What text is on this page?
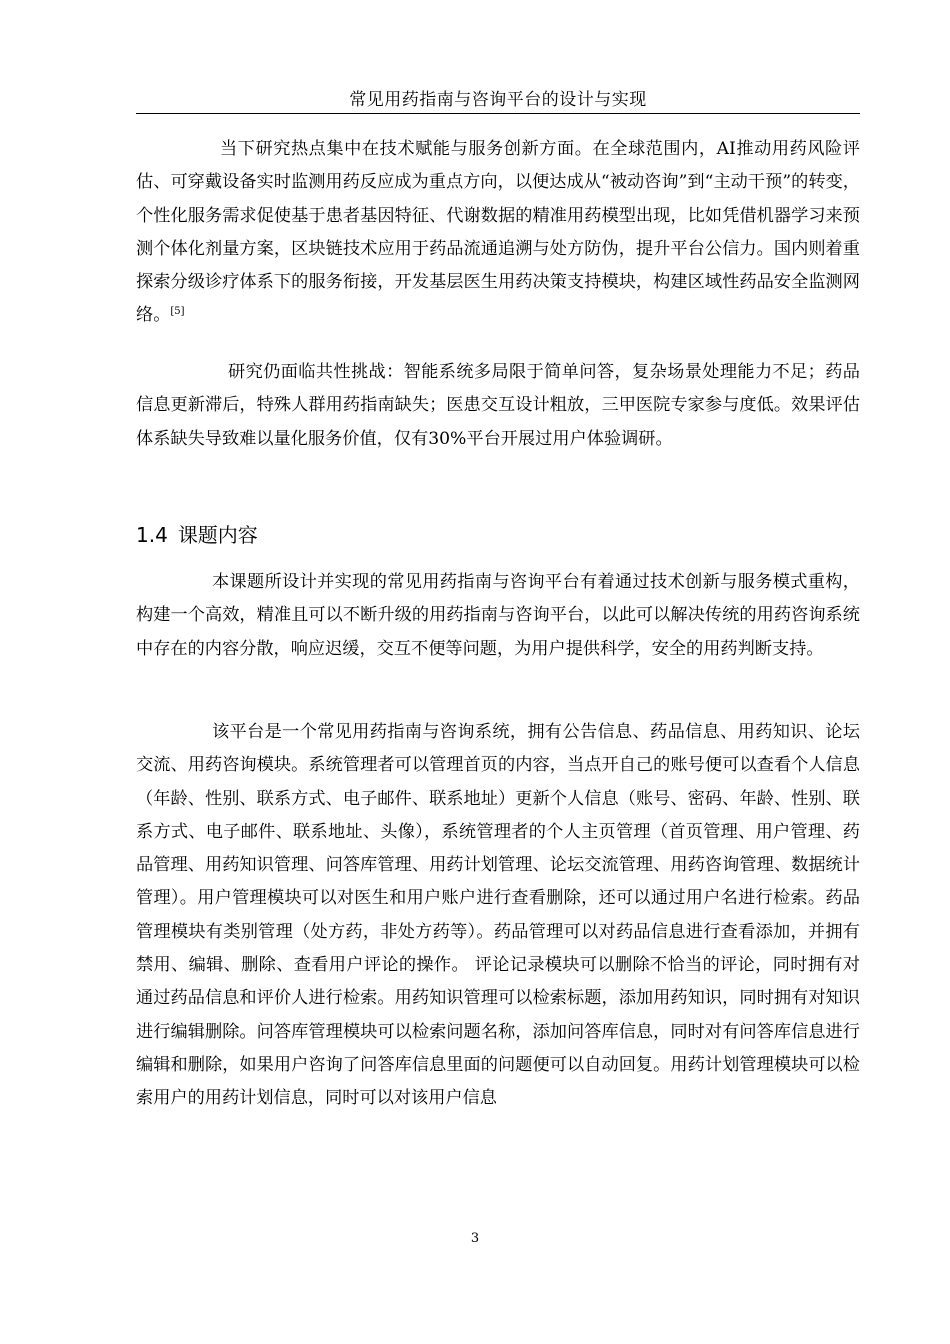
常见用药指南与咨询平台的设计与实现

当下研究热点集中在技术赋能与服务创新方面。在全球范围内，AI推动用药风险评估、可穿戴设备实时监测用药反应成为重点方向，以便达成从“被动咨询”到“主动干预”的转变，个性化服务需求促使基于患者基因特征、代谢数据的精准用药模型出现，比如凭借机器学习来预测个体化剂量方案，区块链技术应用于药品流通追溯与处方防伪，提升平台公信力。国内则着重探索分级诊疗体系下的服务衔接，开发基层医生用药决策支持模块，构建区域性药品安全监测网络。[5]

研究仍面临共性挑战：智能系统多局限于简单问答，复杂场景处理能力不足；药品信息更新滞后，特殊人群用药指南缺失；医患交互设计粗放，三甲医院专家参与度低。效果评估体系缺失导致难以量化服务价值，仅有30%平台开展过用户体验调研。

1.4 课题内容

本课题所设计并实现的常见用药指南与咨询平台有着通过技术创新与服务模式重构，构建一个高效，精准且可以不断升级的用药指南与咨询平台，以此可以解决传统的用药咨询系统中存在的内容分散，响应迟缓，交互不便等问题，为用户提供科学，安全的用药判断支持。

该平台是一个常见用药指南与咨询系统，拥有公告信息、药品信息、用药知识、论坛交流、用药咨询模块。系统管理者可以管理首页的内容，当点开自己的账号便可以查看个人信息（年龄、性别、联系方式、电子邮件、联系地址）更新个人信息（账号、密码、年龄、性别、联系方式、电子邮件、联系地址、头像），系统管理者的个人主页管理（首页管理、用户管理、药品管理、用药知识管理、问答库管理、用药计划管理、论坛交流管理、用药咨询管理、数据统计管理）。用户管理模块可以对医生和用户账户进行查看删除，还可以通过用户名进行检索。药品管理模块有类别管理（处方药，非处方药等）。药品管理可以对药品信息进行查看添加，并拥有禁用、编辑、删除、查看用户评论的操作。 评论记录模块可以删除不恰当的评论，同时拥有对通过药品信息和评价人进行检索。用药知识管理可以检索标题，添加用药知识，同时拥有对知识进行编辑删除。问答库管理模块可以检索问题名称，添加问答库信息，同时对有问答库信息进行编辑和删除，如果用户咨询了问答库信息里面的问题便可以自动回复。用药计划管理模块可以检索用户的用药计划信息，同时可以对该用户信息

3
